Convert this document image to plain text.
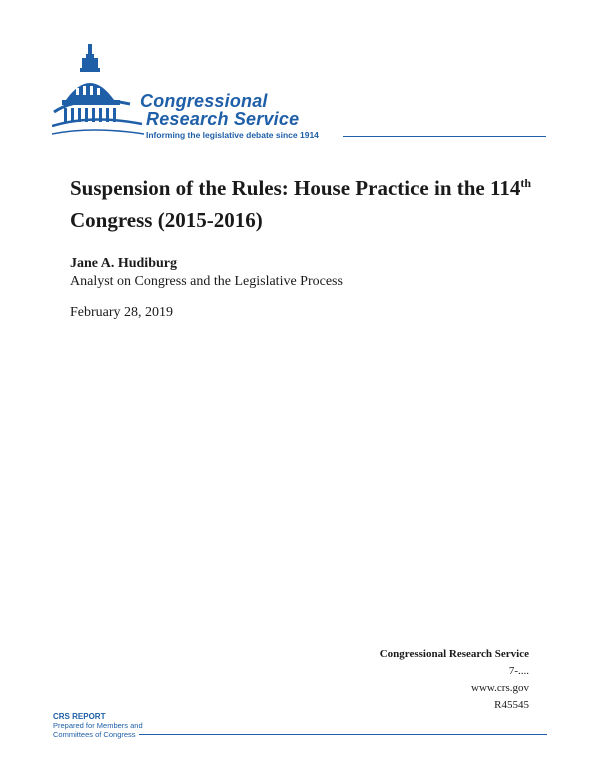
Congressional
Research Service
Informing the legislative debate since 1914
Suspension of the Rules: House Practice in the 114th Congress (2015-2016)
Jane A. Hudiburg
Analyst on Congress and the Legislative Process
February 28, 2019
Congressional Research Service
7-....
www.crs.gov
R45545
CRS REPORT
Prepared for Members and
Committees of Congress
